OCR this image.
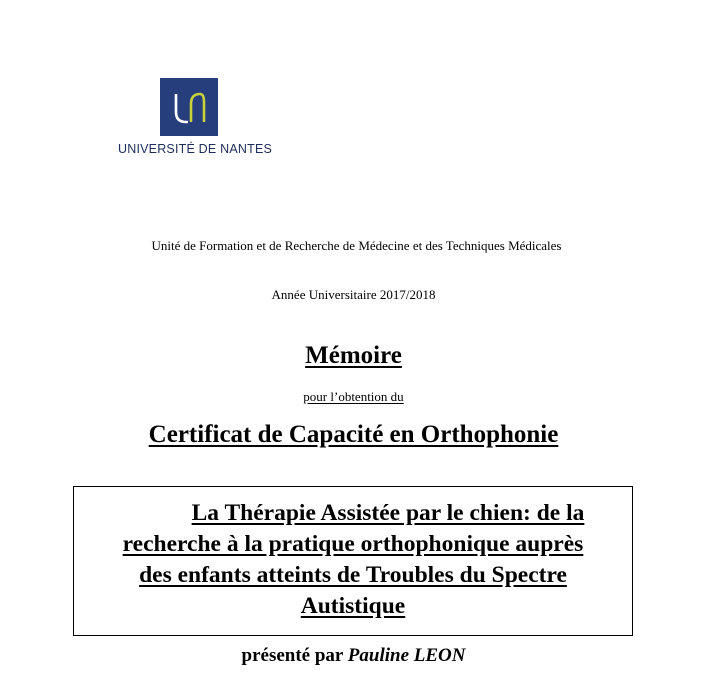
UNIVERSITÉ DE NANTES
Unité de Formation et de Recherche de Médecine et des Techniques Médicales
Année Universitaire 2017/2018
Mémoire
pour l’obtention du
Certificat de Capacité en Orthophonie
La Thérapie Assistée par le chien: de la
recherche à la pratique orthophonique auprès
des enfants atteints de Troubles du Spectre
Autistique
présenté par Pauline LEON
